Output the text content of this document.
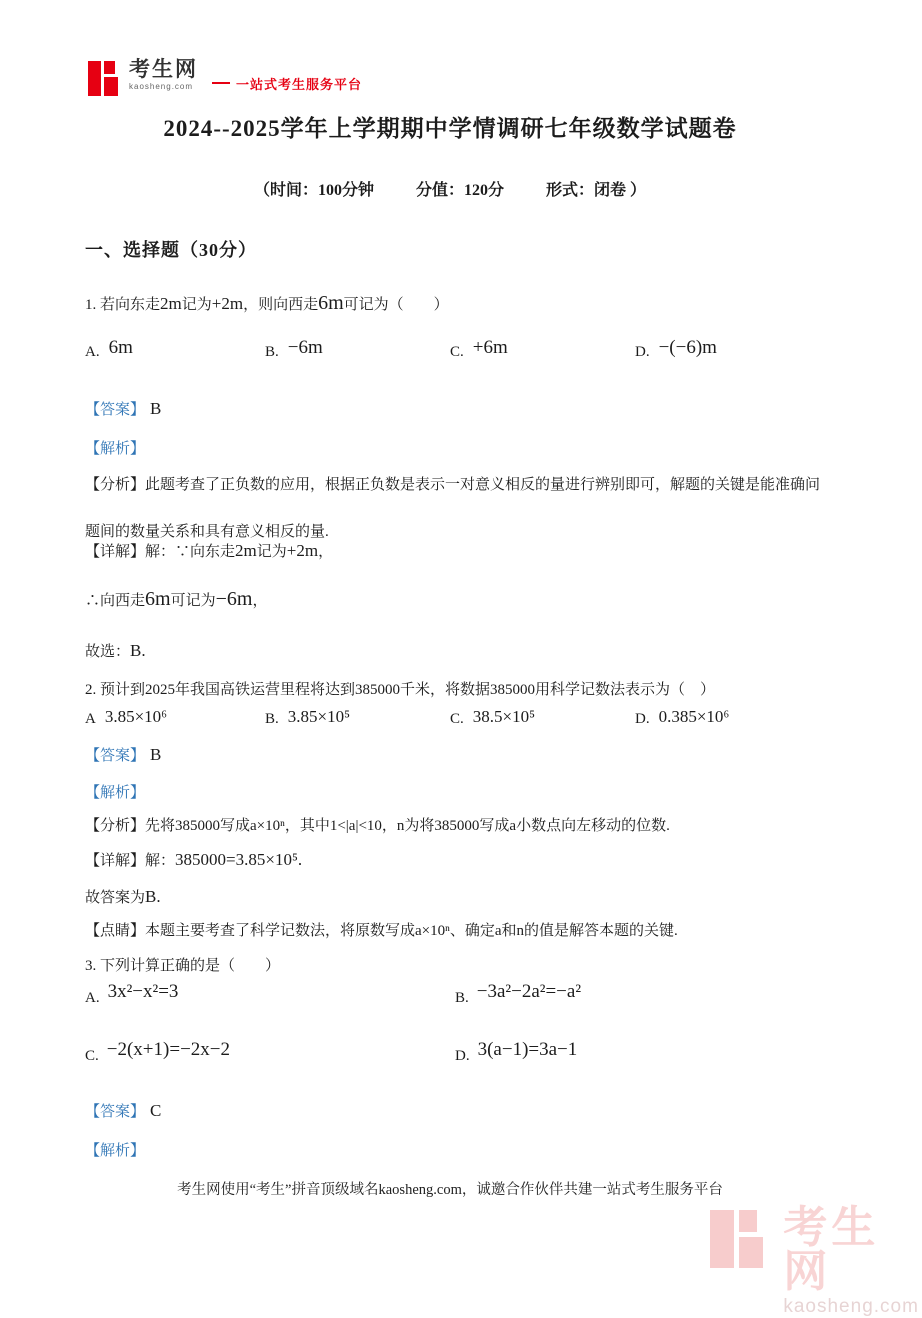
考生网
kaosheng.com	一站式考生服务平台
2024--2025学年上学期期中学情调研七年级数学试题卷
（时间：100分钟	分值：120分	形式：闭卷 ）
一、选择题（30分）
1. 若向东走2m记为+2m，则向西走6m可记为（　　）
A. 6m	B. −6m	C. +6m	D. −(−6)m
【答案】 B
【解析】
【分析】此题考查了正负数的应用，根据正负数是表示一对意义相反的量进行辨别即可，解题的关键是能准确问题间的数量关系和具有意义相反的量.
【详解】解：∵向东走2m记为+2m，
∴向西走6m可记为−6m，
故选：B.
2. 预计到2025年我国高铁运营里程将达到385000千米，将数据385000用科学记数法表示为（　）
A 3.85×10⁶	B. 3.85×10⁵	C. 38.5×10⁵	D. 0.385×10⁶
【答案】 B
【解析】
【分析】先将385000写成a×10ⁿ，其中1<|a|<10，n为将385000写成a小数点向左移动的位数.
【详解】解：385000=3.85×10⁵.
故答案为B.
【点睛】本题主要考查了科学记数法，将原数写成a×10ⁿ、确定a和n的值是解答本题的关键.
3. 下列计算正确的是（　　）
A. 3x²−x²=3	B. −3a²−2a²=−a²
C. −2(x+1)=−2x−2	D. 3(a−1)=3a−1
【答案】 C
【解析】
考生网使用“考生”拼音顶级域名kaosheng.com，诚邀合作伙伴共建一站式考生服务平台
考生网
kaosheng.com
